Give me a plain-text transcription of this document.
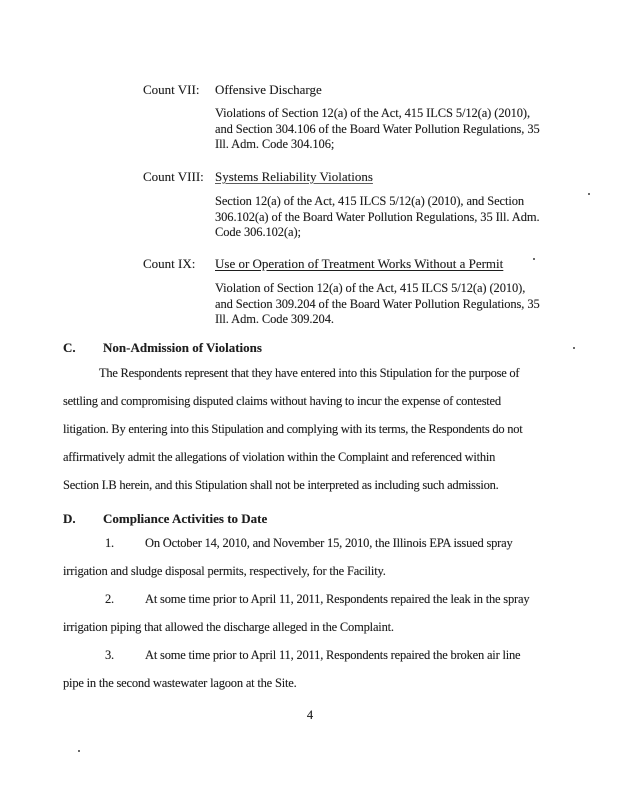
Count VII: Offensive Discharge
Violations of Section 12(a) of the Act, 415 ILCS 5/12(a) (2010),
and Section 304.106 of the Board Water Pollution Regulations, 35
Ill. Adm. Code 304.106;
Count VIII: Systems Reliability Violations
Section 12(a) of the Act, 415 ILCS 5/12(a) (2010), and Section
306.102(a) of the Board Water Pollution Regulations, 35 Ill. Adm.
Code 306.102(a);
Count IX: Use or Operation of Treatment Works Without a Permit
Violation of Section 12(a) of the Act, 415 ILCS 5/12(a) (2010),
and Section 309.204 of the Board Water Pollution Regulations, 35
Ill. Adm. Code 309.204.
C. Non-Admission of Violations
The Respondents represent that they have entered into this Stipulation for the purpose of
settling and compromising disputed claims without having to incur the expense of contested
litigation. By entering into this Stipulation and complying with its terms, the Respondents do not
affirmatively admit the allegations of violation within the Complaint and referenced within
Section I.B herein, and this Stipulation shall not be interpreted as including such admission.
D. Compliance Activities to Date
1. On October 14, 2010, and November 15, 2010, the Illinois EPA issued spray
irrigation and sludge disposal permits, respectively, for the Facility.
2. At some time prior to April 11, 2011, Respondents repaired the leak in the spray
irrigation piping that allowed the discharge alleged in the Complaint.
3. At some time prior to April 11, 2011, Respondents repaired the broken air line
pipe in the second wastewater lagoon at the Site.
4
